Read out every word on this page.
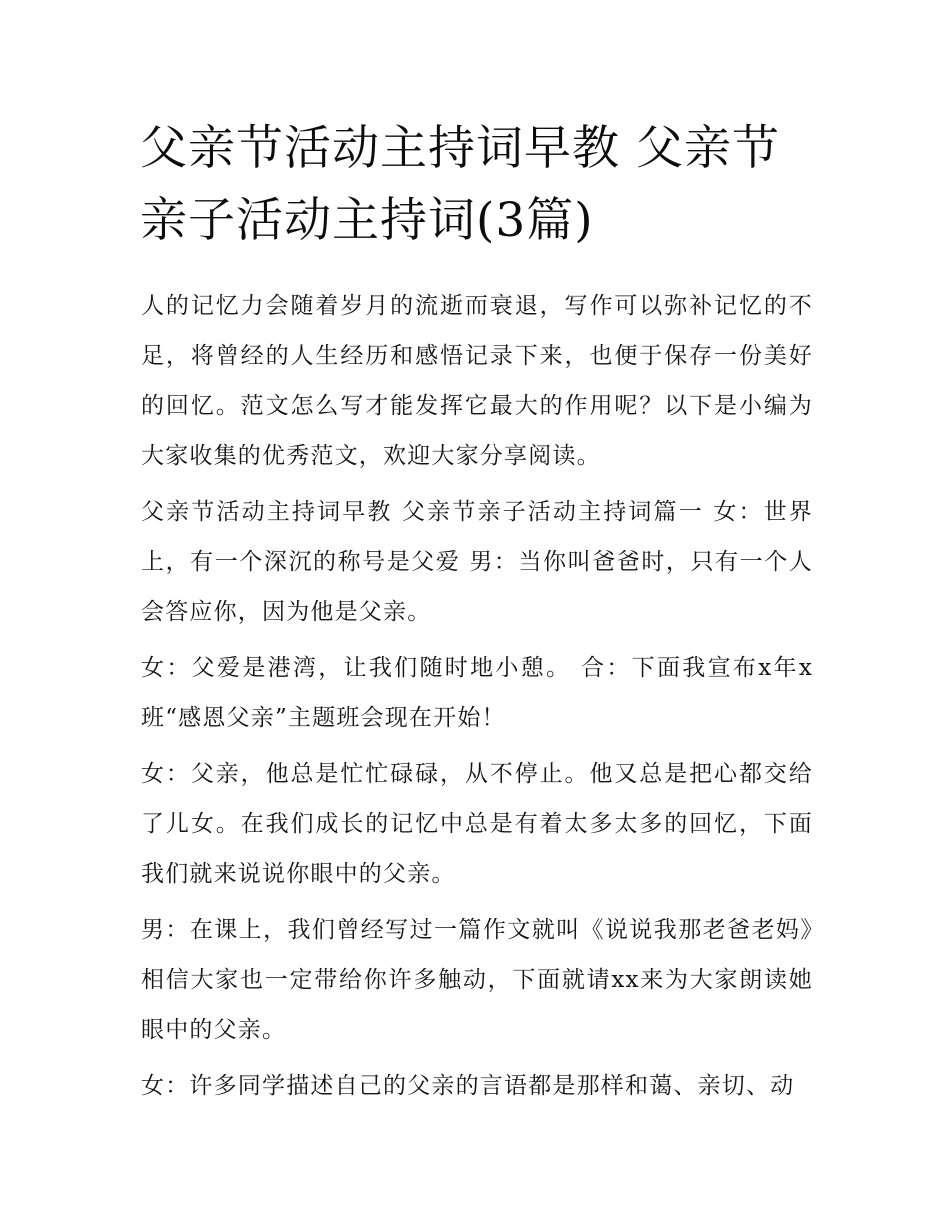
父亲节活动主持词早教 父亲节亲子活动主持词(3篇)

人的记忆力会随着岁月的流逝而衰退，写作可以弥补记忆的不足，将曾经的人生经历和感悟记录下来，也便于保存一份美好的回忆。范文怎么写才能发挥它最大的作用呢？以下是小编为大家收集的优秀范文，欢迎大家分享阅读。

父亲节活动主持词早教 父亲节亲子活动主持词篇一 女：世界上，有一个深沉的称号是父爱 男：当你叫爸爸时，只有一个人会答应你，因为他是父亲。

女：父爱是港湾，让我们随时地小憩。 合：下面我宣布x年x班“感恩父亲”主题班会现在开始！

女：父亲，他总是忙忙碌碌，从不停止。他又总是把心都交给了儿女。在我们成长的记忆中总是有着太多太多的回忆，下面我们就来说说你眼中的父亲。

男：在课上，我们曾经写过一篇作文就叫《说说我那老爸老妈》相信大家也一定带给你许多触动，下面就请xx来为大家朗读她眼中的父亲。

女：许多同学描述自己的父亲的言语都是那样和蔼、亲切、动
